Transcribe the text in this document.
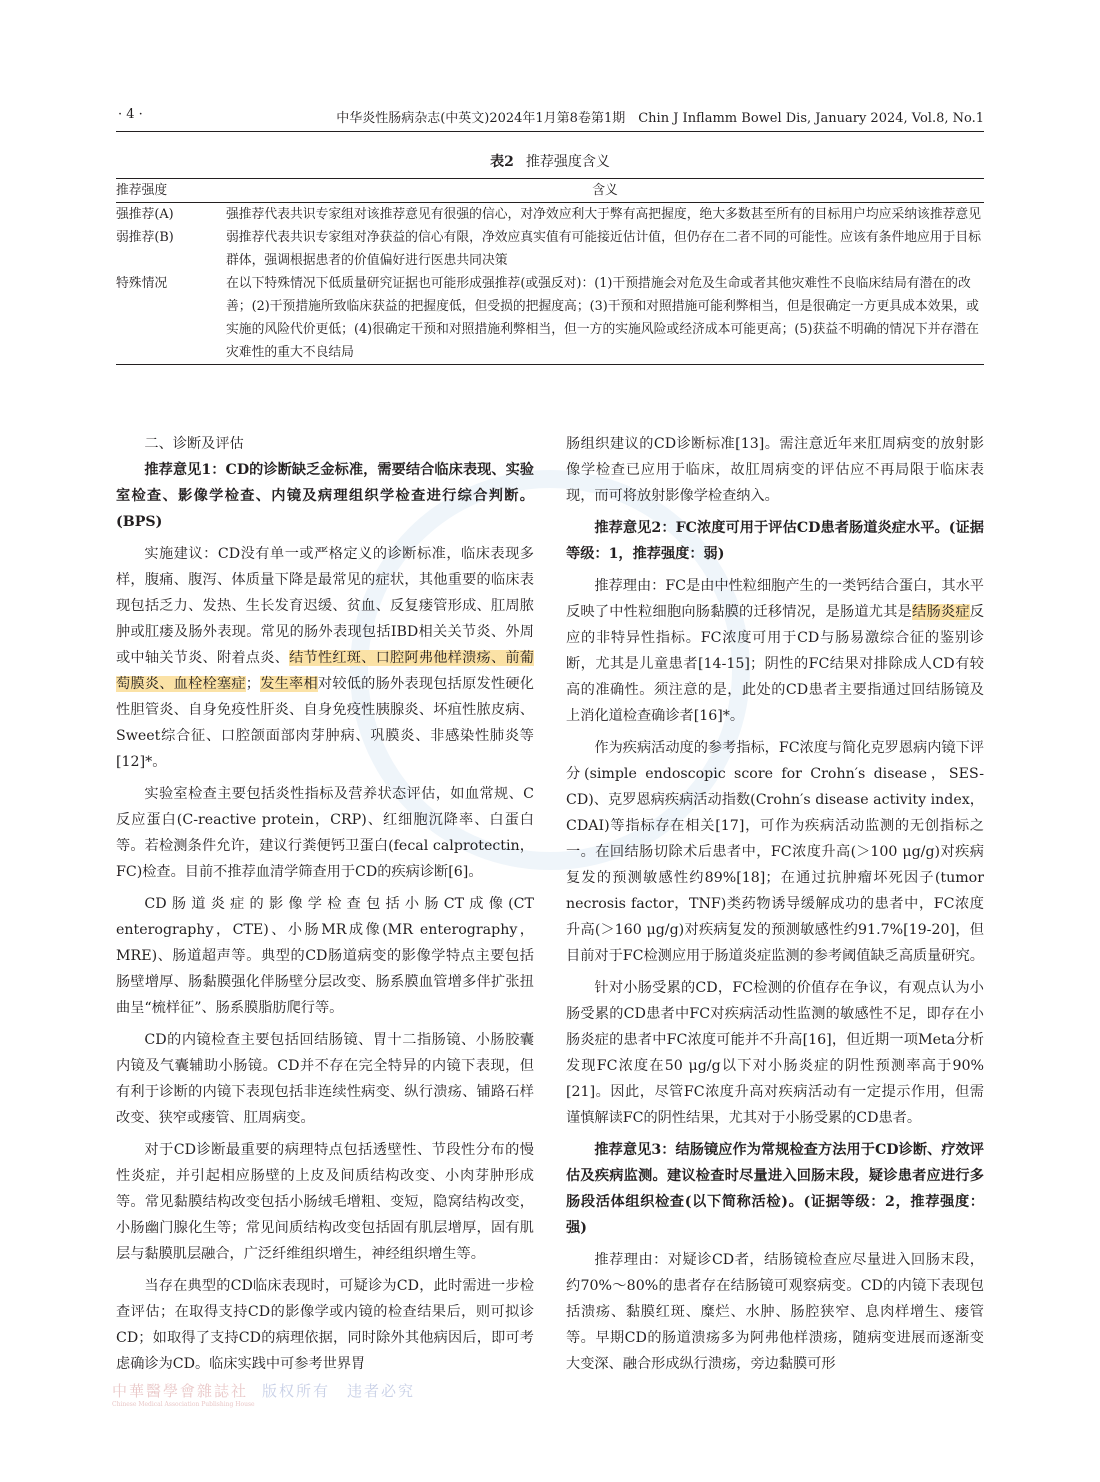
· 4 ·	中华炎性肠病杂志(中英文)2024年1月第8卷第1期　Chin J Inflamm Bowel Dis, January 2024, Vol.8, No.1
表2 推荐强度含义
推荐强度	含义
强推荐(A)	强推荐代表共识专家组对该推荐意见有很强的信心，对净效应利大于弊有高把握度，绝大多数甚至所有的目标用户均应采纳该推荐意见
弱推荐(B)	弱推荐代表共识专家组对净获益的信心有限，净效应真实值有可能接近估计值，但仍存在二者不同的可能性。应该有条件地应用于目标群体，强调根据患者的价值偏好进行医患共同决策
特殊情况	在以下特殊情况下低质量研究证据也可能形成强推荐(或强反对)：(1)干预措施会对危及生命或者其他灾难性不良临床结局有潜在的改善；(2)干预措施所致临床获益的把握度低，但受损的把握度高；(3)干预和对照措施可能利弊相当，但是很确定一方更具成本效果，或实施的风险代价更低；(4)很确定干预和对照措施利弊相当，但一方的实施风险或经济成本可能更高；(5)获益不明确的情况下并存潜在灾难性的重大不良结局
二、诊断及评估

推荐意见1：CD的诊断缺乏金标准，需要结合临床表现、实验室检查、影像学检查、内镜及病理组织学检查进行综合判断。(BPS)

实施建议：CD没有单一或严格定义的诊断标准，临床表现多样，腹痛、腹泻、体质量下降是最常见的症状，其他重要的临床表现包括乏力、发热、生长发育迟缓、贫血、反复瘘管形成、肛周脓肿或肛瘘及肠外表现。常见的肠外表现包括IBD相关关节炎、外周或中轴关节炎、附着点炎、结节性红斑、口腔阿弗他样溃疡、前葡萄膜炎、血栓栓塞症；发生率相对较低的肠外表现包括原发性硬化性胆管炎、自身免疫性肝炎、自身免疫性胰腺炎、坏疽性脓皮病、Sweet综合征、口腔颌面部肉芽肿病、巩膜炎、非感染性肺炎等[12]*。

实验室检查主要包括炎性指标及营养状态评估，如血常规、C反应蛋白(C-reactive protein，CRP)、红细胞沉降率、白蛋白等。若检测条件允许，建议行粪便钙卫蛋白(fecal calprotectin，FC)检查。目前不推荐血清学筛查用于CD的疾病诊断[6]。

CD肠道炎症的影像学检查包括小肠CT成像(CT enterography，CTE)、小肠MR成像(MR enterography，MRE)、肠道超声等。典型的CD肠道病变的影像学特点主要包括肠壁增厚、肠黏膜强化伴肠壁分层改变、肠系膜血管增多伴扩张扭曲呈“梳样征”、肠系膜脂肪爬行等。

CD的内镜检查主要包括回结肠镜、胃十二指肠镜、小肠胶囊内镜及气囊辅助小肠镜。CD并不存在完全特异的内镜下表现，但有利于诊断的内镜下表现包括非连续性病变、纵行溃疡、铺路石样改变、狭窄或瘘管、肛周病变。

对于CD诊断最重要的病理特点包括透壁性、节段性分布的慢性炎症，并引起相应肠壁的上皮及间质结构改变、小肉芽肿形成等。常见黏膜结构改变包括小肠绒毛增粗、变短，隐窝结构改变，小肠幽门腺化生等；常见间质结构改变包括固有肌层增厚，固有肌层与黏膜肌层融合，广泛纤维组织增生，神经组织增生等。

当存在典型的CD临床表现时，可疑诊为CD，此时需进一步检查评估；在取得支持CD的影像学或内镜的检查结果后，则可拟诊CD；如取得了支持CD的病理依据，同时除外其他病因后，即可考虑确诊为CD。临床实践中可参考世界胃

肠组织建议的CD诊断标准[13]。需注意近年来肛周病变的放射影像学检查已应用于临床，故肛周病变的评估应不再局限于临床表现，而可将放射影像学检查纳入。

推荐意见2：FC浓度可用于评估CD患者肠道炎症水平。(证据等级：1，推荐强度：弱)

推荐理由：FC是由中性粒细胞产生的一类钙结合蛋白，其水平反映了中性粒细胞向肠黏膜的迁移情况，是肠道尤其是结肠炎症反应的非特异性指标。FC浓度可用于CD与肠易激综合征的鉴别诊断，尤其是儿童患者[14-15]；阴性的FC结果对排除成人CD有较高的准确性。须注意的是，此处的CD患者主要指通过回结肠镜及上消化道检查确诊者[16]*。

作为疾病活动度的参考指标，FC浓度与简化克罗恩病内镜下评分(simple endoscopic score for Crohn′s disease，SES-CD)、克罗恩病疾病活动指数(Crohn′s disease activity index，CDAI)等指标存在相关[17]，可作为疾病活动监测的无创指标之一。在回结肠切除术后患者中，FC浓度升高(＞100 μg/g)对疾病复发的预测敏感性约89%[18]；在通过抗肿瘤坏死因子(tumor necrosis factor，TNF)类药物诱导缓解成功的患者中，FC浓度升高(＞160 μg/g)对疾病复发的预测敏感性约91.7%[19-20]，但目前对于FC检测应用于肠道炎症监测的参考阈值缺乏高质量研究。

针对小肠受累的CD，FC检测的价值存在争议，有观点认为小肠受累的CD患者中FC对疾病活动性监测的敏感性不足，即存在小肠炎症的患者中FC浓度可能并不升高[16]，但近期一项Meta分析发现FC浓度在50 μg/g以下对小肠炎症的阴性预测率高于90%[21]。因此，尽管FC浓度升高对疾病活动有一定提示作用，但需谨慎解读FC的阴性结果，尤其对于小肠受累的CD患者。

推荐意见3：结肠镜应作为常规检查方法用于CD诊断、疗效评估及疾病监测。建议检查时尽量进入回肠末段，疑诊患者应进行多肠段活体组织检查(以下简称活检)。(证据等级：2，推荐强度：强)

推荐理由：对疑诊CD者，结肠镜检查应尽量进入回肠末段，约70%～80%的患者存在结肠镜可观察病变。CD的内镜下表现包括溃疡、黏膜红斑、糜烂、水肿、肠腔狭窄、息肉样增生、瘘管等。早期CD的肠道溃疡多为阿弗他样溃疡，随病变进展而逐渐变大变深、融合形成纵行溃疡，旁边黏膜可形

中華醫學會雜誌社 版权所有　违者必究
Chinese Medical Association Publishing House
